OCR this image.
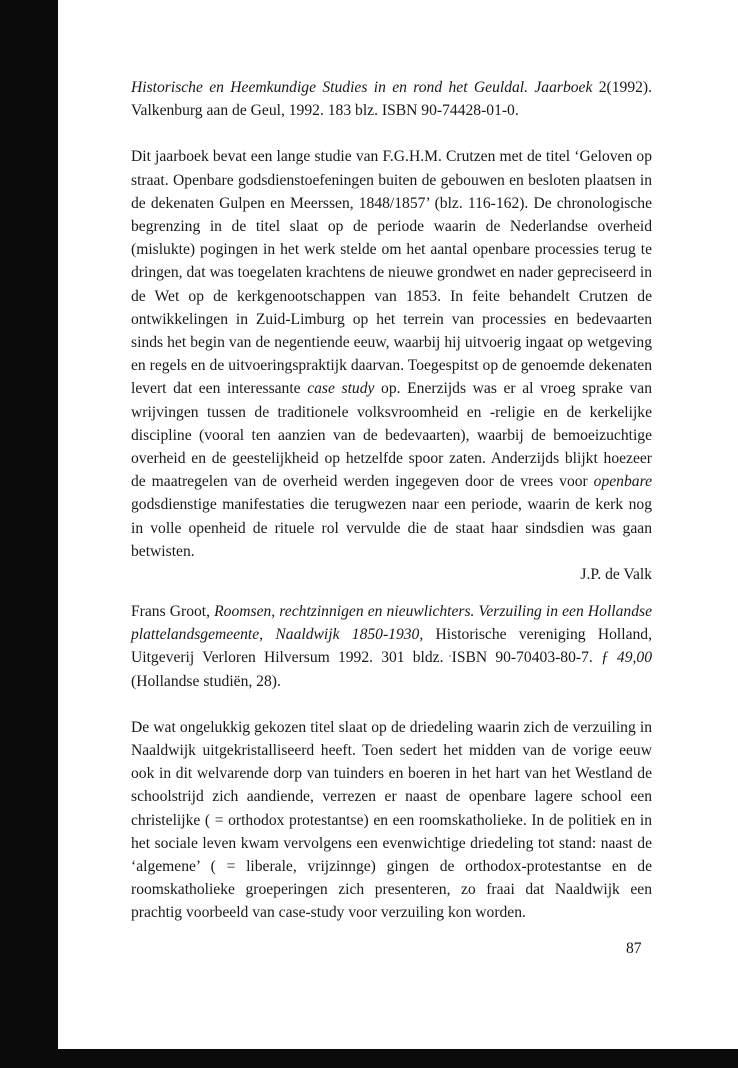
Historische en Heemkundige Studies in en rond het Geuldal. Jaarboek 2(1992). Valkenburg aan de Geul, 1992. 183 blz. ISBN 90-74428-01-0.

Dit jaarboek bevat een lange studie van F.G.H.M. Crutzen met de titel ‘Geloven op straat. Openbare godsdienstoefeningen buiten de gebouwen en besloten plaatsen in de dekenaten Gulpen en Meerssen, 1848/1857’ (blz. 116-162). De chronologische begrenzing in de titel slaat op de periode waarin de Nederlandse overheid (mislukte) pogingen in het werk stelde om het aantal openbare processies terug te dringen, dat was toegelaten krachtens de nieuwe grondwet en nader gepreciseerd in de Wet op de kerkgenootschappen van 1853. In feite behandelt Crutzen de ontwikkelingen in Zuid-Limburg op het terrein van processies en bedevaarten sinds het begin van de negentiende eeuw, waarbij hij uitvoerig ingaat op wetgeving en regels en de uitvoeringspraktijk daarvan. Toegespitst op de genoemde dekenaten levert dat een interessante case study op. Enerzijds was er al vroeg sprake van wrijvingen tussen de traditionele volksvroomheid en -religie en de kerkelijke discipline (vooral ten aanzien van de bedevaarten), waarbij de bemoeizuchtige overheid en de geestelijkheid op hetzelfde spoor zaten. Anderzijds blijkt hoezeer de maatregelen van de overheid werden ingegeven door de vrees voor openbare godsdienstige manifestaties die terugwezen naar een periode, waarin de kerk nog in volle openheid de rituele rol vervulde die de staat haar sindsdien was gaan betwisten.

J.P. de Valk

Frans Groot, Roomsen, rechtzinnigen en nieuwlichters. Verzuiling in een Hollandse plattelandsgemeente, Naaldwijk 1850-1930, Historische vereniging Holland, Uitgeverij Verloren Hilversum 1992. 301 bldz. ISBN 90-70403-80-7. ƒ 49,00 (Hollandse studiën, 28).

De wat ongelukkig gekozen titel slaat op de driedeling waarin zich de verzuiling in Naaldwijk uitgekristalliseerd heeft. Toen sedert het midden van de vorige eeuw ook in dit welvarende dorp van tuinders en boeren in het hart van het Westland de schoolstrijd zich aandiende, verrezen er naast de openbare lagere school een christelijke ( = orthodox protestantse) en een roomskatholieke. In de politiek en in het sociale leven kwam vervolgens een evenwichtige driedeling tot stand: naast de ‘algemene’ ( = liberale, vrijzinnge) gingen de orthodox-protestantse en de roomskatholieke groeperingen zich presenteren, zo fraai dat Naaldwijk een prachtig voorbeeld van case-study voor verzuiling kon worden.

87
